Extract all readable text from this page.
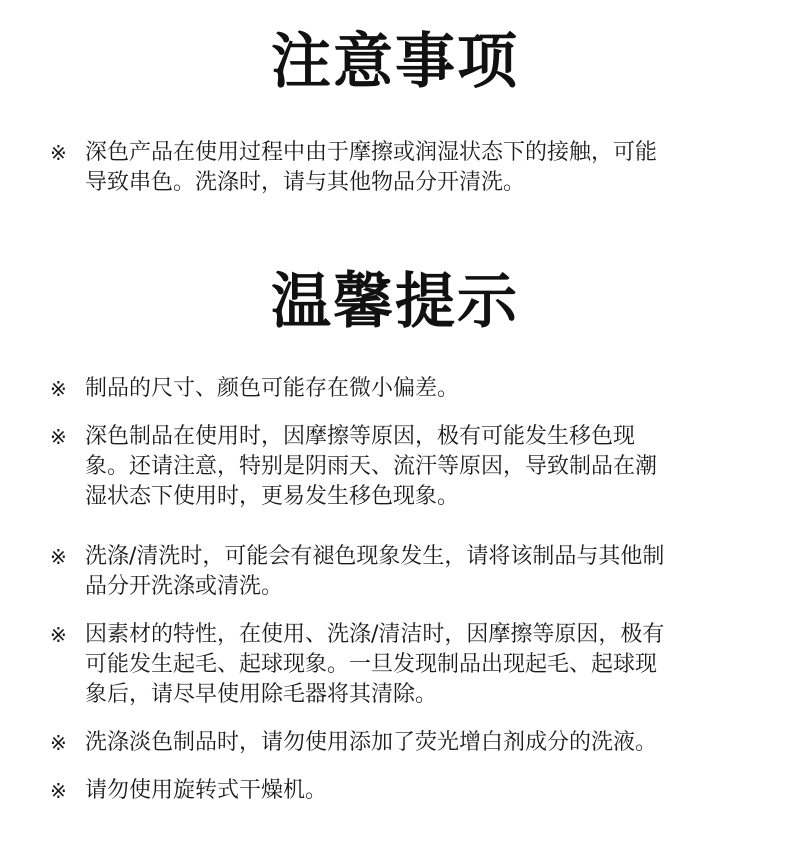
注意事项
※ 深色产品在使用过程中由于摩擦或润湿状态下的接触，可能
导致串色。洗涤时，请与其他物品分开清洗。
温馨提示
※ 制品的尺寸、颜色可能存在微小偏差。
※ 深色制品在使用时，因摩擦等原因，极有可能发生移色现
象。还请注意，特别是阴雨天、流汗等原因，导致制品在潮
湿状态下使用时，更易发生移色现象。
※ 洗涤/清洗时，可能会有褪色现象发生，请将该制品与其他制
品分开洗涤或清洗。
※ 因素材的特性，在使用、洗涤/清洁时，因摩擦等原因，极有
可能发生起毛、起球现象。一旦发现制品出现起毛、起球现
象后，请尽早使用除毛器将其清除。
※ 洗涤淡色制品时，请勿使用添加了荧光增白剂成分的洗液。
※ 请勿使用旋转式干燥机。
